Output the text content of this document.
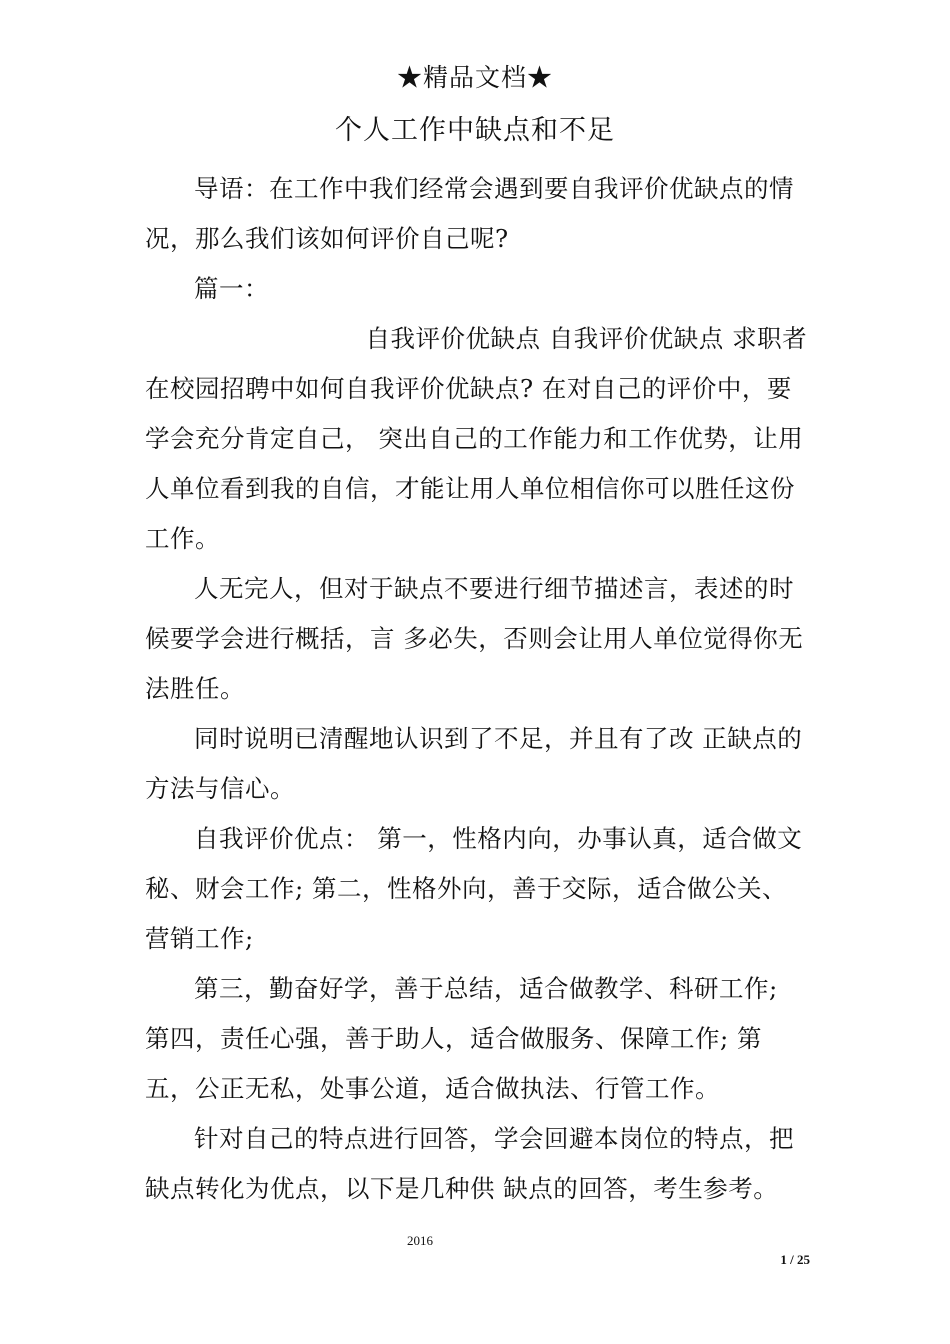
★精品文档★
个人工作中缺点和不足

导语：在工作中我们经常会遇到要自我评价优缺点的情况，那么我们该如何评价自己呢?

篇一：

自我评价优缺点 自我评价优缺点 求职者在校园招聘中如何自我评价优缺点? 在对自己的评价中，要学会充分肯定自己， 突出自己的工作能力和工作优势，让用人单位看到我的自信，才能让用人单位相信你可以胜任这份工作。

人无完人，但对于缺点不要进行细节描述言，表述的时候要学会进行概括，言 多必失，否则会让用人单位觉得你无法胜任。

同时说明已清醒地认识到了不足，并且有了改 正缺点的方法与信心。

自我评价优点： 第一，性格内向，办事认真，适合做文秘、财会工作; 第二，性格外向，善于交际，适合做公关、营销工作;

第三，勤奋好学，善于总结，适合做教学、科研工作; 第四，责任心强，善于助人，适合做服务、保障工作; 第五，公正无私，处事公道，适合做执法、行管工作。

针对自己的特点进行回答，学会回避本岗位的特点，把缺点转化为优点，以下是几种供 缺点的回答，考生参考。

2016
1 / 25
